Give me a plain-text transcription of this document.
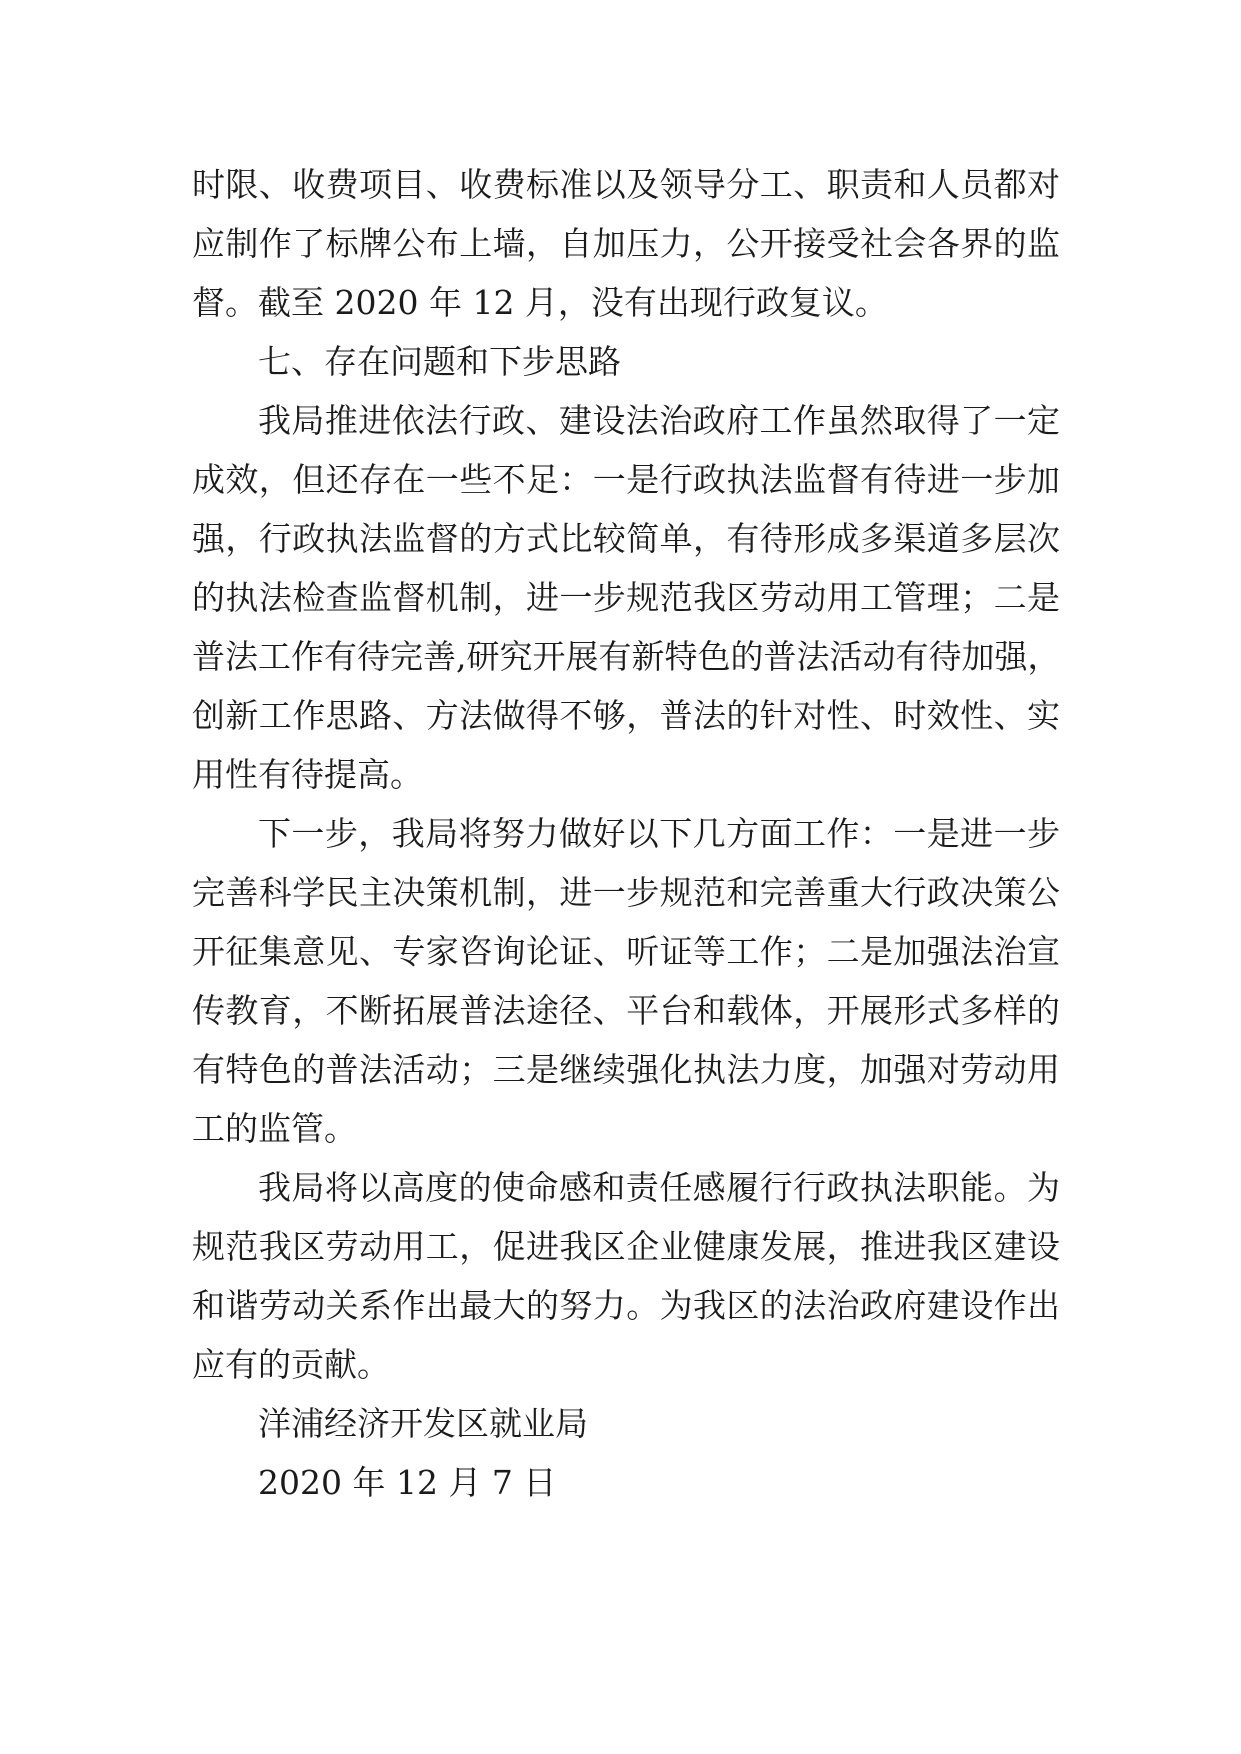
时限、收费项目、收费标准以及领导分工、职责和人员都对
应制作了标牌公布上墙，自加压力，公开接受社会各界的监
督。截至 2020 年 12 月，没有出现行政复议。
七、存在问题和下步思路
我局推进依法行政、建设法治政府工作虽然取得了一定
成效，但还存在一些不足：一是行政执法监督有待进一步加
强，行政执法监督的方式比较简单，有待形成多渠道多层次
的执法检查监督机制，进一步规范我区劳动用工管理；二是
普法工作有待完善,研究开展有新特色的普法活动有待加强，
创新工作思路、方法做得不够，普法的针对性、时效性、实
用性有待提高。
下一步，我局将努力做好以下几方面工作：一是进一步
完善科学民主决策机制，进一步规范和完善重大行政决策公
开征集意见、专家咨询论证、听证等工作；二是加强法治宣
传教育，不断拓展普法途径、平台和载体，开展形式多样的
有特色的普法活动；三是继续强化执法力度，加强对劳动用
工的监管。
我局将以高度的使命感和责任感履行行政执法职能。为
规范我区劳动用工，促进我区企业健康发展，推进我区建设
和谐劳动关系作出最大的努力。为我区的法治政府建设作出
应有的贡献。
洋浦经济开发区就业局
2020 年 12 月 7 日
